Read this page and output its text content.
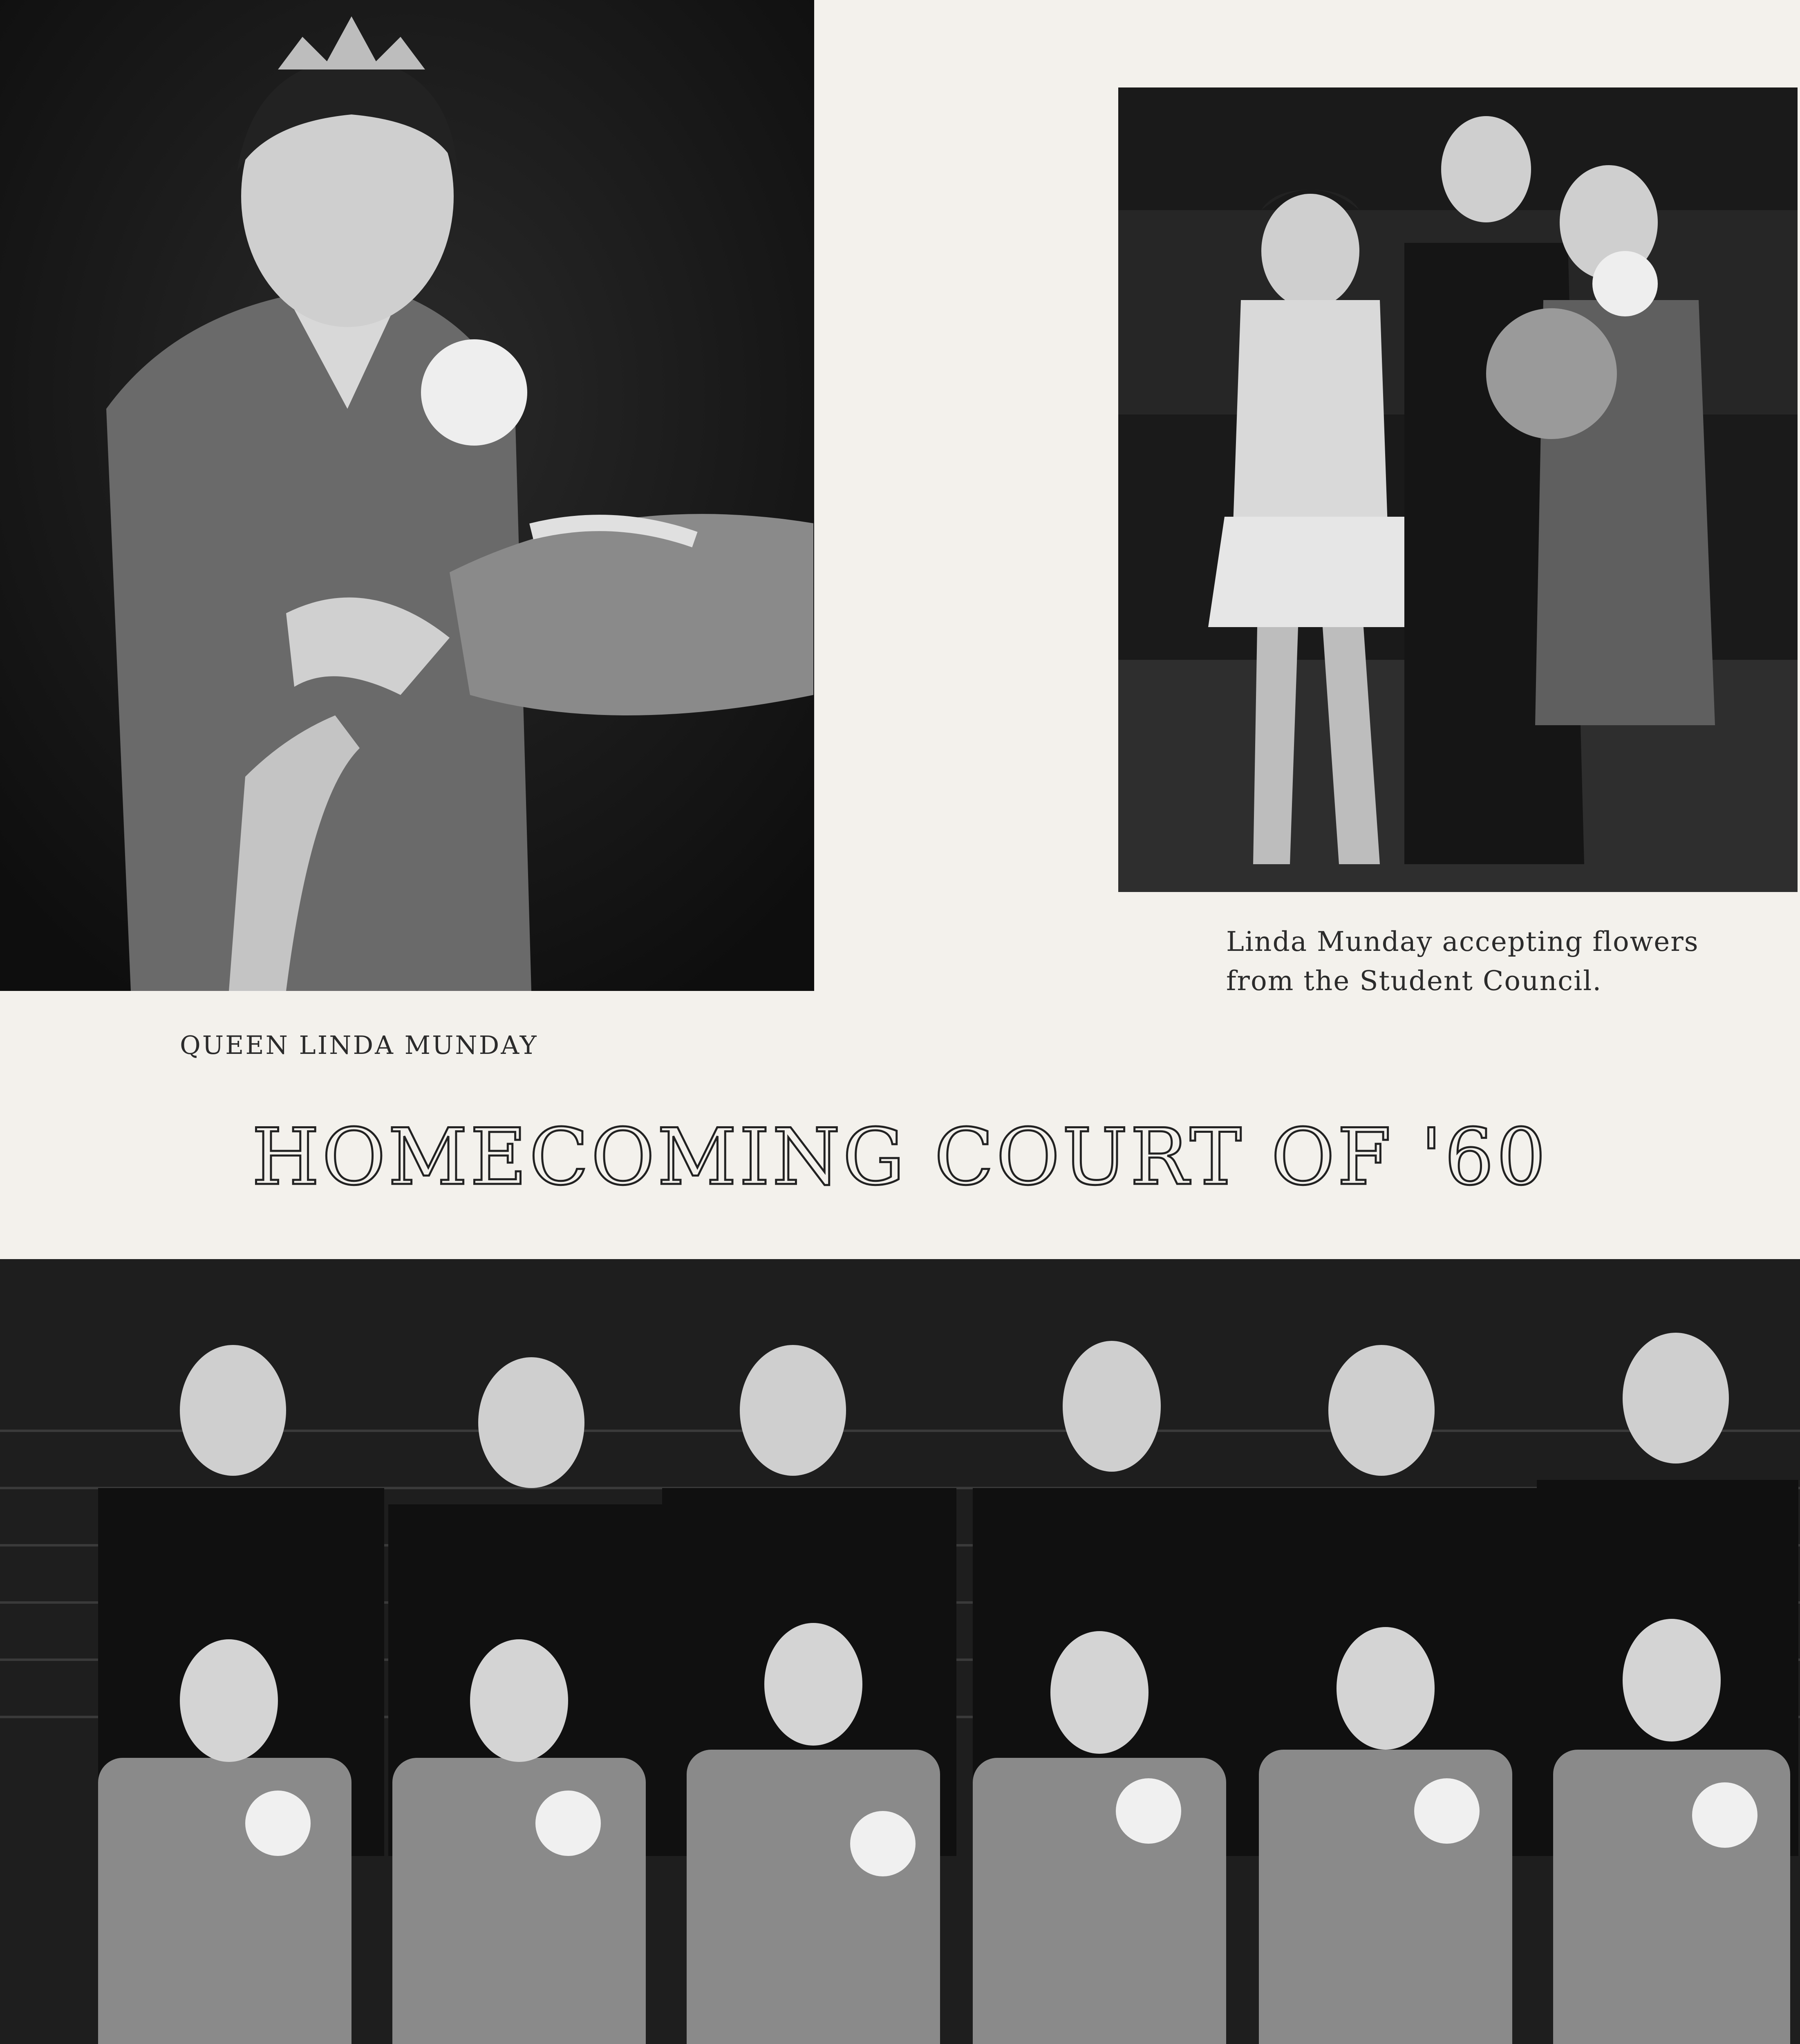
Linda Munday accepting flowers
from the Student Council.
QUEEN LINDA MUNDAY
HOMECOMING COURT OF '60
